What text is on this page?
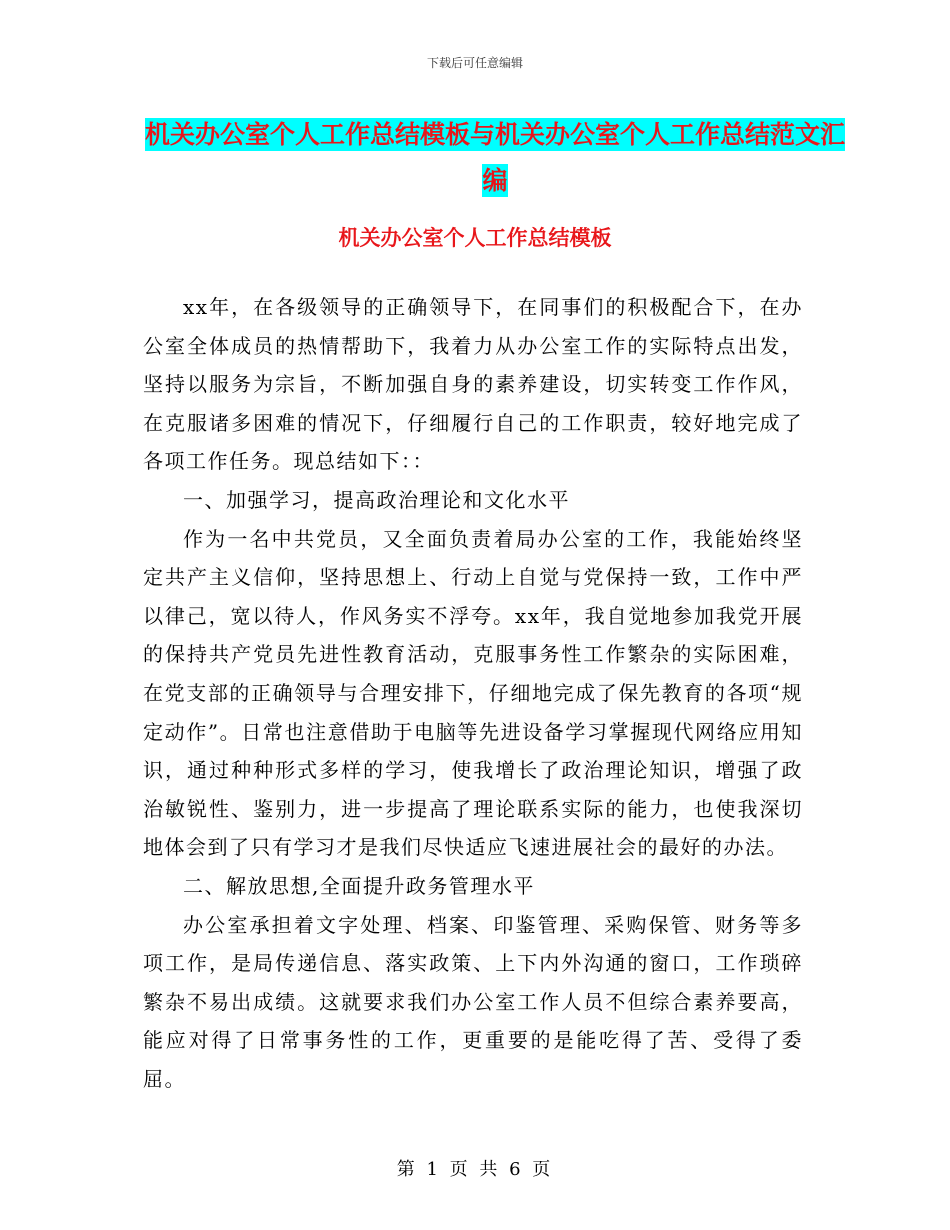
下载后可任意编辑
机关办公室个人工作总结模板与机关办公室个人工作总结范文汇编
机关办公室个人工作总结模板

xx年，在各级领导的正确领导下，在同事们的积极配合下，在办公室全体成员的热情帮助下，我着力从办公室工作的实际特点出发，坚持以服务为宗旨，不断加强自身的素养建设，切实转变工作作风，在克服诸多困难的情况下，仔细履行自己的工作职责，较好地完成了各项工作任务。现总结如下：：

一、加强学习，提高政治理论和文化水平

作为一名中共党员，又全面负责着局办公室的工作，我能始终坚定共产主义信仰，坚持思想上、行动上自觉与党保持一致，工作中严以律己，宽以待人，作风务实不浮夸。xx年，我自觉地参加我党开展的保持共产党员先进性教育活动，克服事务性工作繁杂的实际困难，在党支部的正确领导与合理安排下，仔细地完成了保先教育的各项“规定动作”。日常也注意借助于电脑等先进设备学习掌握现代网络应用知识，通过种种形式多样的学习，使我增长了政治理论知识，增强了政治敏锐性、鉴别力，进一步提高了理论联系实际的能力，也使我深切地体会到了只有学习才是我们尽快适应飞速进展社会的最好的办法。

二、解放思想,全面提升政务管理水平

办公室承担着文字处理、档案、印鉴管理、采购保管、财务等多项工作，是局传递信息、落实政策、上下内外沟通的窗口，工作琐碎繁杂不易出成绩。这就要求我们办公室工作人员不但综合素养要高，能应对得了日常事务性的工作，更重要的是能吃得了苦、受得了委屈。

第 1 页 共 6 页
